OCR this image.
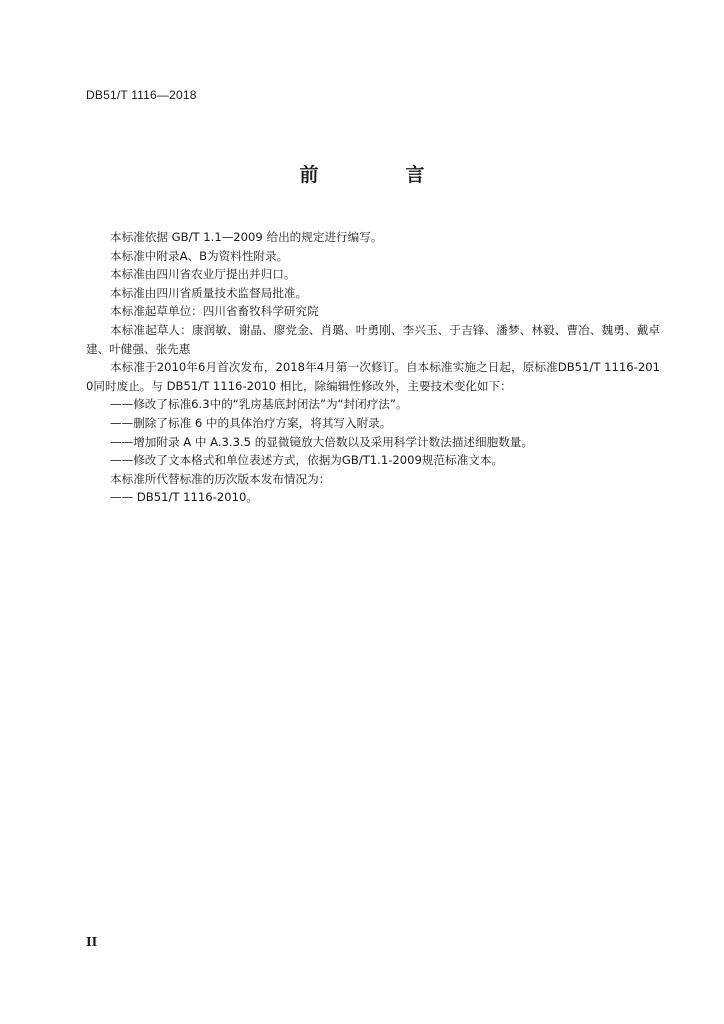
DB51/T 1116—2018
前　言

本标准依据 GB/T 1.1—2009 给出的规定进行编写。

本标准中附录A、B为资料性附录。

本标准由四川省农业厅提出并归口。

本标准由四川省质量技术监督局批准。

本标准起草单位：四川省畜牧科学研究院

本标准起草人：康润敏、谢晶、廖党金、肖璐、叶勇刚、李兴玉、于吉锋、潘梦、林毅、曹冶、魏勇、戴卓建、叶健强、张先惠

本标准于2010年6月首次发布，2018年4月第一次修订。自本标准实施之日起，原标准DB51/T 1116-2010同时废止。与 DB51/T 1116-2010 相比，除编辑性修改外，主要技术变化如下：

——修改了标准6.3中的“乳房基底封闭法”为“封闭疗法”。

——删除了标准 6 中的具体治疗方案，将其写入附录。

——增加附录 A 中 A.3.3.5 的显微镜放大倍数以及采用科学计数法描述细胞数量。

——修改了文本格式和单位表述方式，依据为GB/T1.1-2009规范标准文本。

本标准所代替标准的历次版本发布情况为：

—— DB51/T 1116-2010。

II
